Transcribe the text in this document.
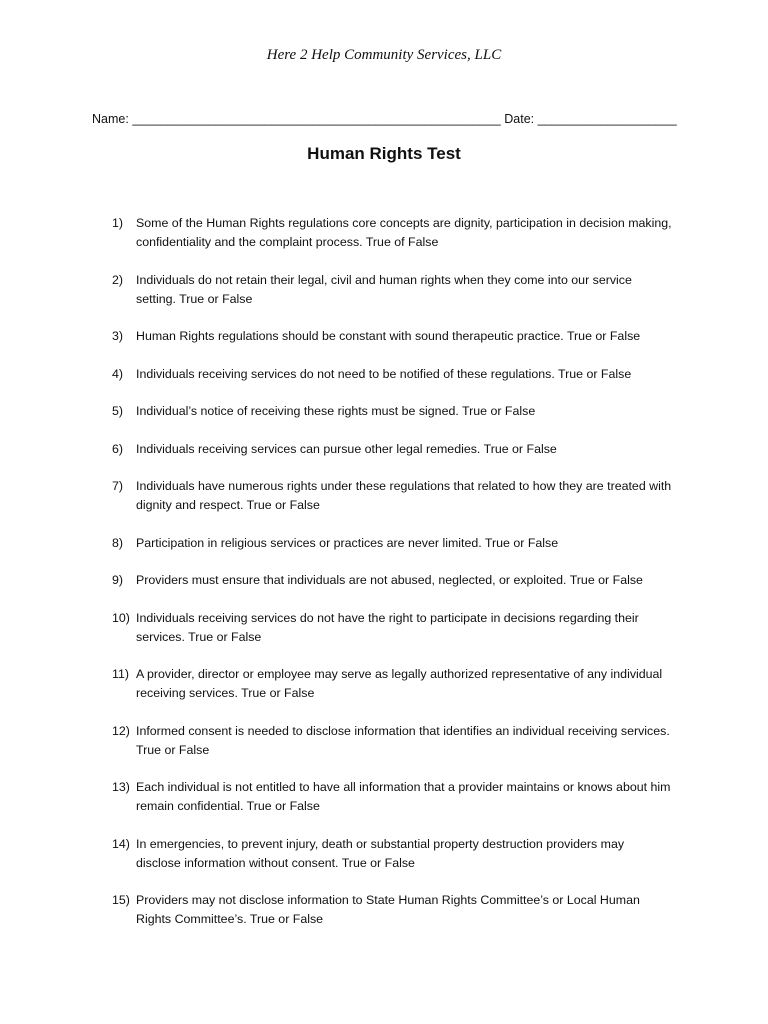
Here 2 Help Community Services, LLC
Name: _____________________________________________________ Date: ____________________
Human Rights Test
1)	Some of the Human Rights regulations core concepts are dignity, participation in decision making, confidentiality and the complaint process. True of False
2)	Individuals do not retain their legal, civil and human rights when they come into our service setting. True or False
3)	Human Rights regulations should be constant with sound therapeutic practice. True or False
4)	Individuals receiving services do not need to be notified of these regulations. True or False
5)	Individual’s notice of receiving these rights must be signed. True or False
6)	Individuals receiving services can pursue other legal remedies. True or False
7)	Individuals have numerous rights under these regulations that related to how they are treated with dignity and respect. True or False
8)	Participation in religious services or practices are never limited. True or False
9)	Providers must ensure that individuals are not abused, neglected, or exploited. True or False
10) Individuals receiving services do not have the right to participate in decisions regarding their services. True or False
11) A provider, director or employee may serve as legally authorized representative of any individual receiving services. True or False
12) Informed consent is needed to disclose information that identifies an individual receiving services. True or False
13) Each individual is not entitled to have all information that a provider maintains or knows about him remain confidential. True or False
14) In emergencies, to prevent injury, death or substantial property destruction providers may disclose information without consent. True or False
15) Providers may not disclose information to State Human Rights Committee’s or Local Human Rights Committee’s. True or False
